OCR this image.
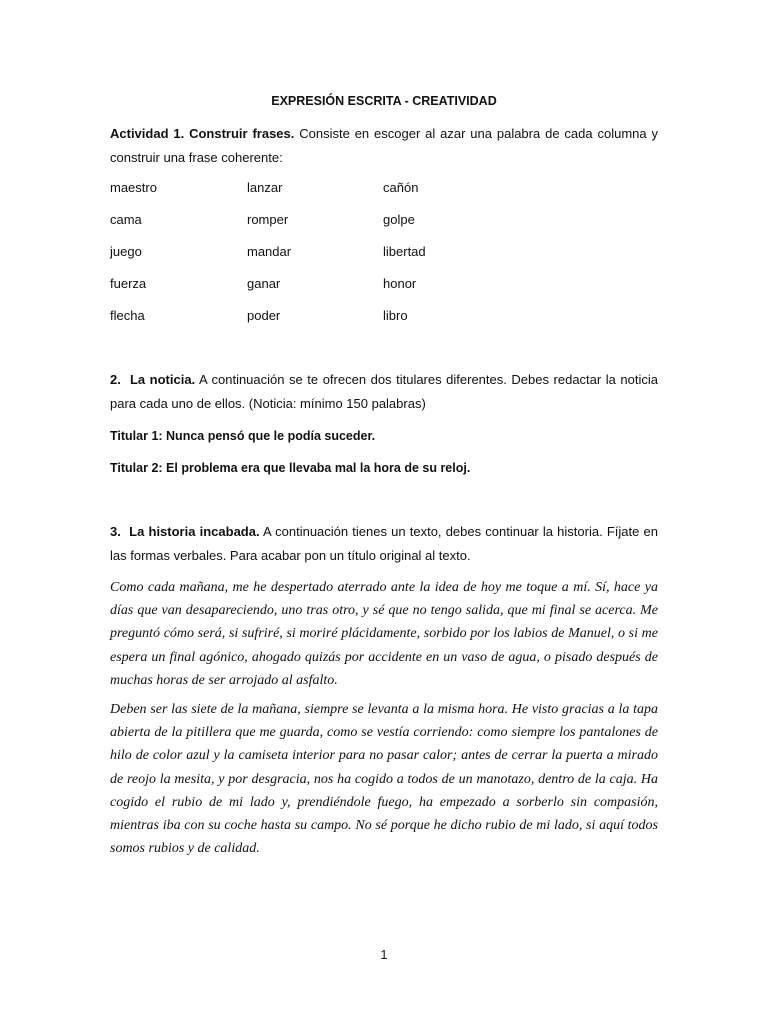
EXPRESIÓN ESCRITA - CREATIVIDAD
Actividad 1. Construir frases. Consiste en escoger al azar una palabra de cada columna y construir una frase coherente:
maestro	lanzar	cañón
cama	romper	golpe
juego	mandar	libertad
fuerza	ganar	honor
flecha	poder	libro
2. La noticia. A continuación se te ofrecen dos titulares diferentes. Debes redactar la noticia para cada uno de ellos. (Noticia: mínimo 150 palabras)
Titular 1: Nunca pensó que le podía suceder.
Titular 2: El problema era que llevaba mal la hora de su reloj.
3. La historia incabada. A continuación tienes un texto, debes continuar la historia. Fíjate en las formas verbales. Para acabar pon un título original al texto.
Como cada mañana, me he despertado aterrado ante la idea de hoy me toque a mí. Sí, hace ya días que van desapareciendo, uno tras otro, y sé que no tengo salida, que mi final se acerca. Me preguntó cómo será, si sufriré, si moriré plácidamente, sorbido por los labios de Manuel, o si me espera un final agónico, ahogado quizás por accidente en un vaso de agua, o pisado después de muchas horas de ser arrojado al asfalto.
Deben ser las siete de la mañana, siempre se levanta a la misma hora. He visto gracias a la tapa abierta de la pitillera que me guarda, como se vestía corriendo: como siempre los pantalones de hilo de color azul y la camiseta interior para no pasar calor; antes de cerrar la puerta a mirado de reojo la mesita, y por desgracia, nos ha cogido a todos de un manotazo, dentro de la caja. Ha cogido el rubio de mi lado y, prendiéndole fuego, ha empezado a sorberlo sin compasión, mientras iba con su coche hasta su campo. No sé porque he dicho rubio de mi lado, si aquí todos somos rubios y de calidad.
1
